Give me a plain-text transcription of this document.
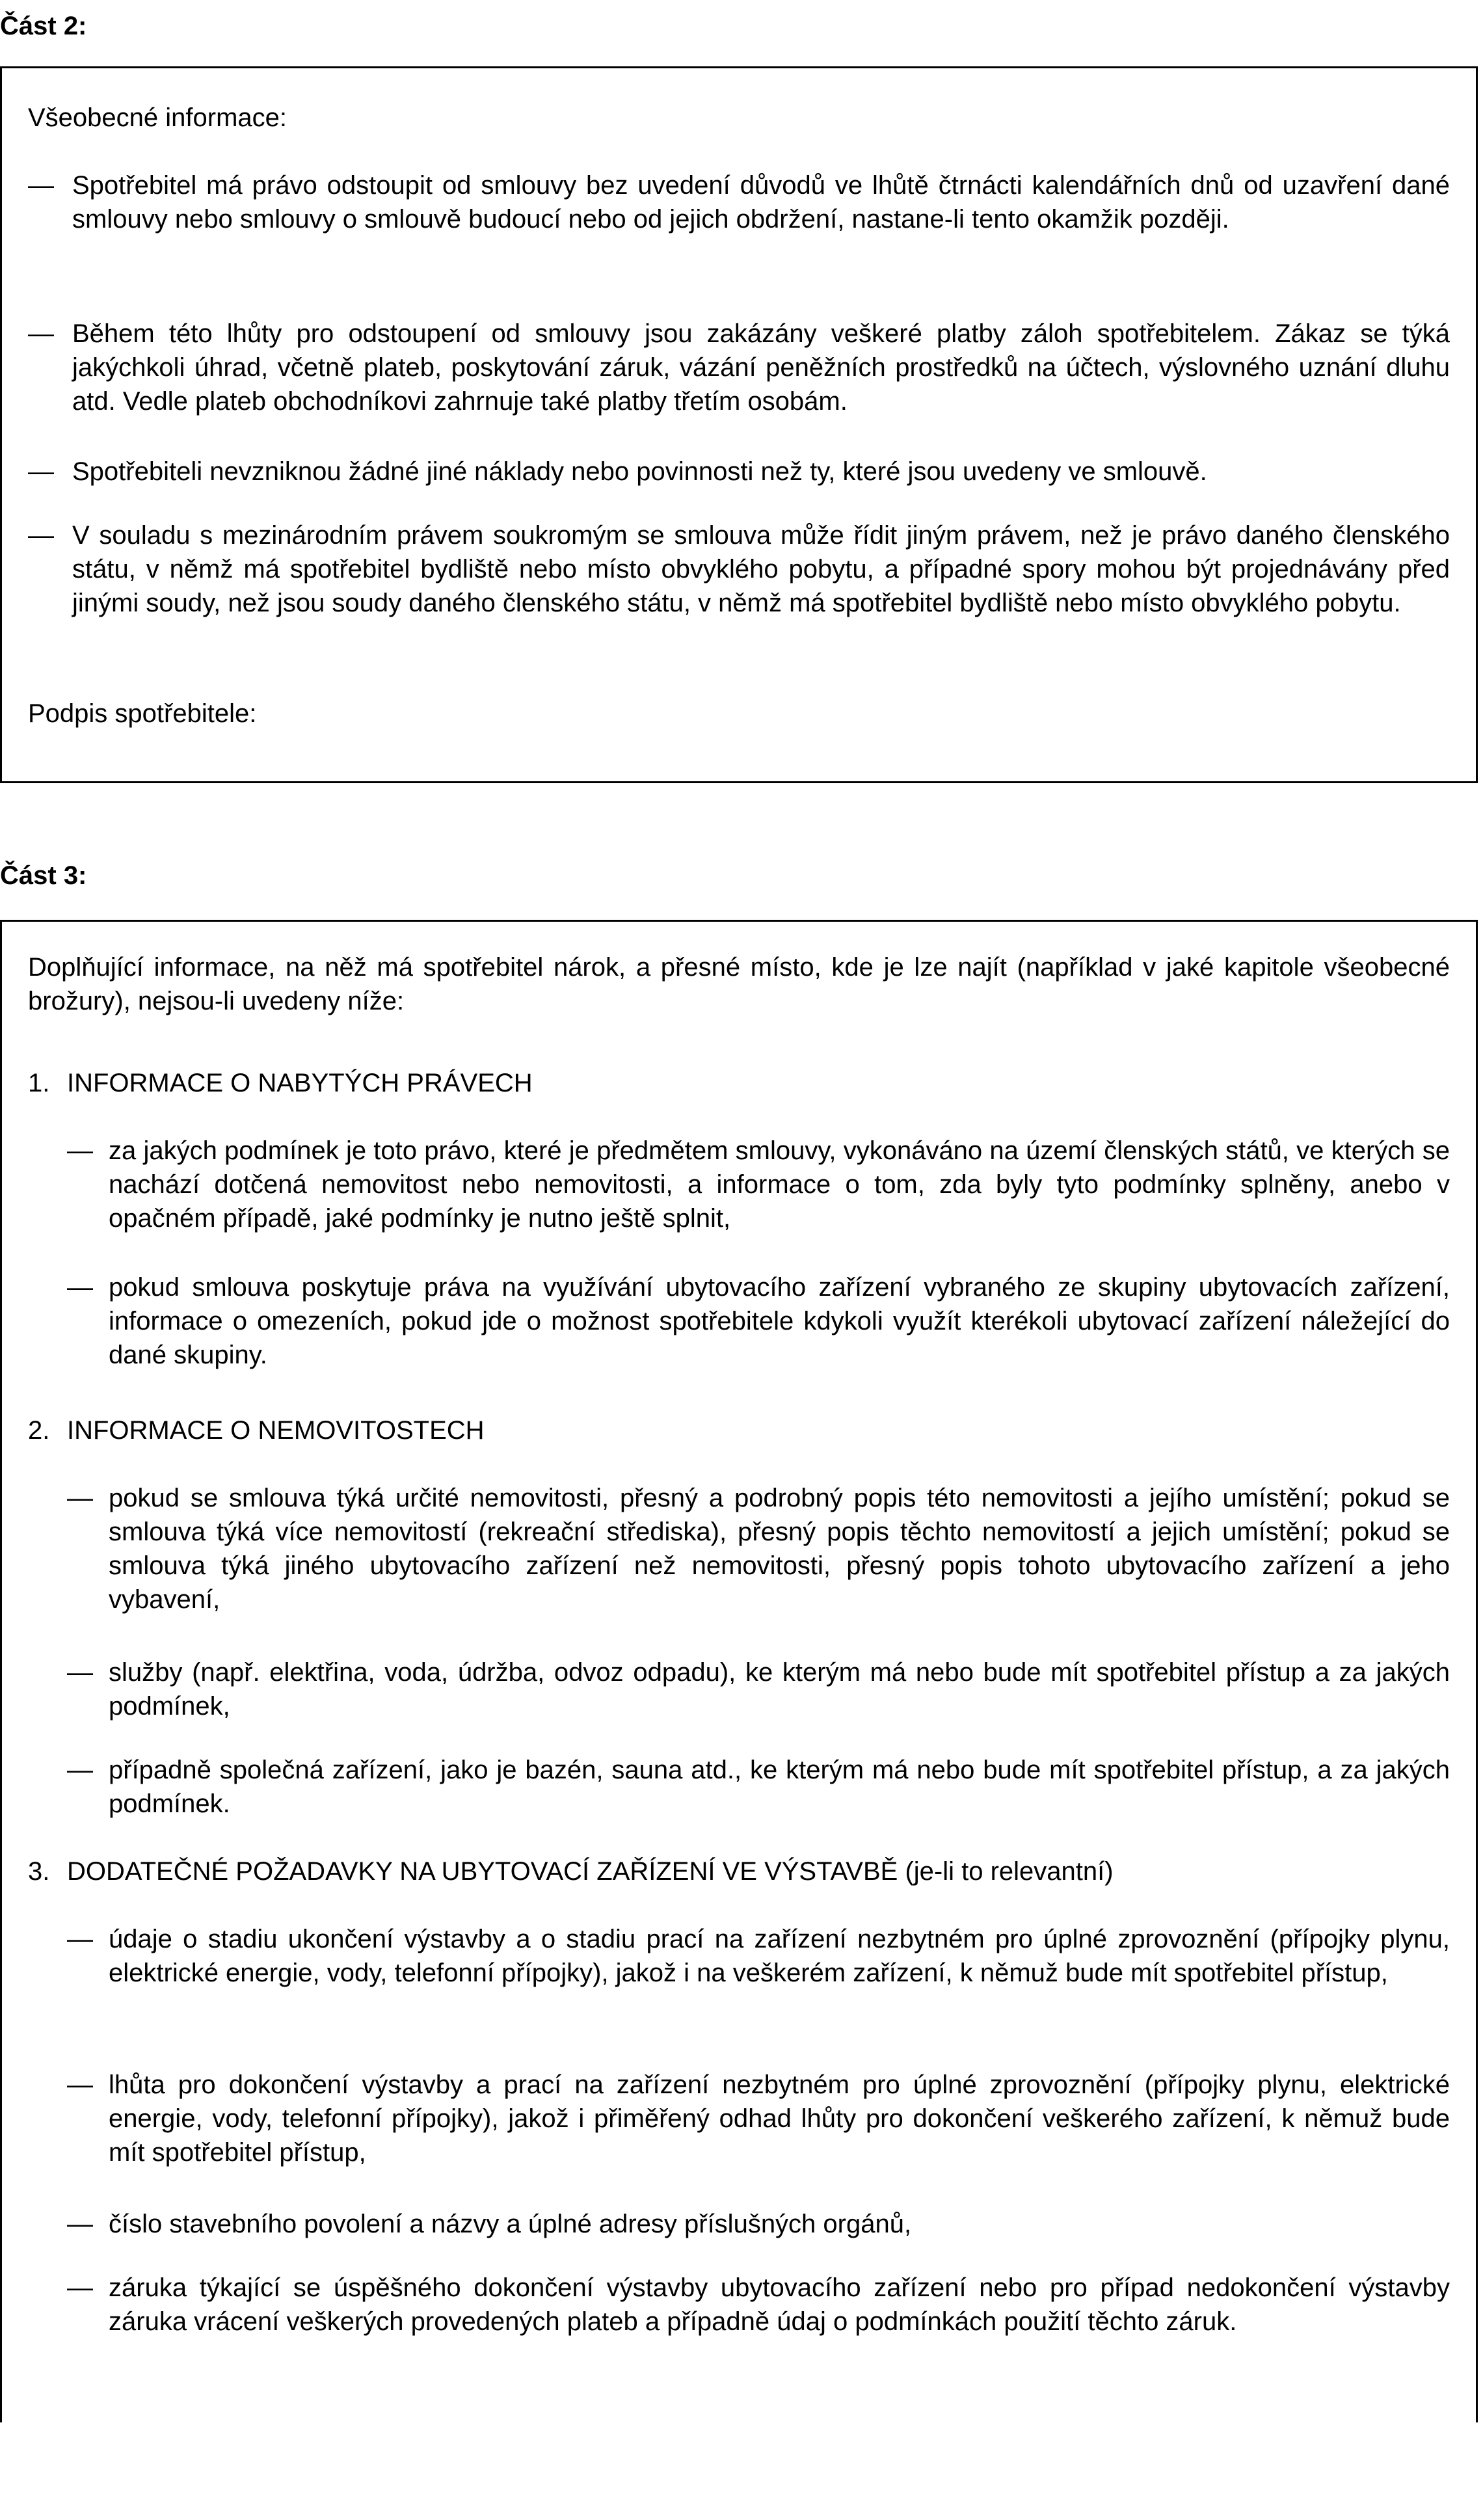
Část 2:

Všeobecné informace:

— Spotřebitel má právo odstoupit od smlouvy bez uvedení důvodů ve lhůtě čtrnácti kalendářních dnů od uzavření dané smlouvy nebo smlouvy o smlouvě budoucí nebo od jejich obdržení, nastane-li tento okamžik později.
— Během této lhůty pro odstoupení od smlouvy jsou zakázány veškeré platby záloh spotřebitelem. Zákaz se týká jakýchkoli úhrad, včetně plateb, poskytování záruk, vázání peněžních prostředků na účtech, výslovného uznání dluhu atd. Vedle plateb obchodníkovi zahrnuje také platby třetím osobám.
— Spotřebiteli nevzniknou žádné jiné náklady nebo povinnosti než ty, které jsou uvedeny ve smlouvě.
— V souladu s mezinárodním právem soukromým se smlouva může řídit jiným právem, než je právo daného členského státu, v němž má spotřebitel bydliště nebo místo obvyklého pobytu, a případné spory mohou být projednávány před jinými soudy, než jsou soudy daného členského státu, v němž má spotřebitel bydliště nebo místo obvyklého pobytu.

Podpis spotřebitele:

Část 3:

Doplňující informace, na něž má spotřebitel nárok, a přesné místo, kde je lze najít (například v jaké kapitole všeobecné brožury), nejsou-li uvedeny níže:

1. INFORMACE O NABYTÝCH PRÁVECH

— za jakých podmínek je toto právo, které je předmětem smlouvy, vykonáváno na území členských států, ve kterých se nachází dotčená nemovitost nebo nemovitosti, a informace o tom, zda byly tyto podmínky splněny, anebo v opačném případě, jaké podmínky je nutno ještě splnit,
— pokud smlouva poskytuje práva na využívání ubytovacího zařízení vybraného ze skupiny ubytovacích zařízení, informace o omezeních, pokud jde o možnost spotřebitele kdykoli využít kterékoli ubytovací zařízení náležející do dané skupiny.

2. INFORMACE O NEMOVITOSTECH

— pokud se smlouva týká určité nemovitosti, přesný a podrobný popis této nemovitosti a jejího umístění; pokud se smlouva týká více nemovitostí (rekreační střediska), přesný popis těchto nemovitostí a jejich umístění; pokud se smlouva týká jiného ubytovacího zařízení než nemovitosti, přesný popis tohoto ubytovacího zařízení a jeho vybavení,
— služby (např. elektřina, voda, údržba, odvoz odpadu), ke kterým má nebo bude mít spotřebitel přístup a za jakých podmínek,
— případně společná zařízení, jako je bazén, sauna atd., ke kterým má nebo bude mít spotřebitel přístup, a za jakých podmínek.

3. DODATEČNÉ POŽADAVKY NA UBYTOVACÍ ZAŘÍZENÍ VE VÝSTAVBĚ (je-li to relevantní)

— údaje o stadiu ukončení výstavby a o stadiu prací na zařízení nezbytném pro úplné zprovoznění (přípojky plynu, elektrické energie, vody, telefonní přípojky), jakož i na veškerém zařízení, k němuž bude mít spotřebitel přístup,
— lhůta pro dokončení výstavby a prací na zařízení nezbytném pro úplné zprovoznění (přípojky plynu, elektrické energie, vody, telefonní přípojky), jakož i přiměřený odhad lhůty pro dokončení veškerého zařízení, k němuž bude mít spotřebitel přístup,
— číslo stavebního povolení a názvy a úplné adresy příslušných orgánů,
— záruka týkající se úspěšného dokončení výstavby ubytovacího zařízení nebo pro případ nedokončení výstavby záruka vrácení veškerých provedených plateb a případně údaj o podmínkách použití těchto záruk.
